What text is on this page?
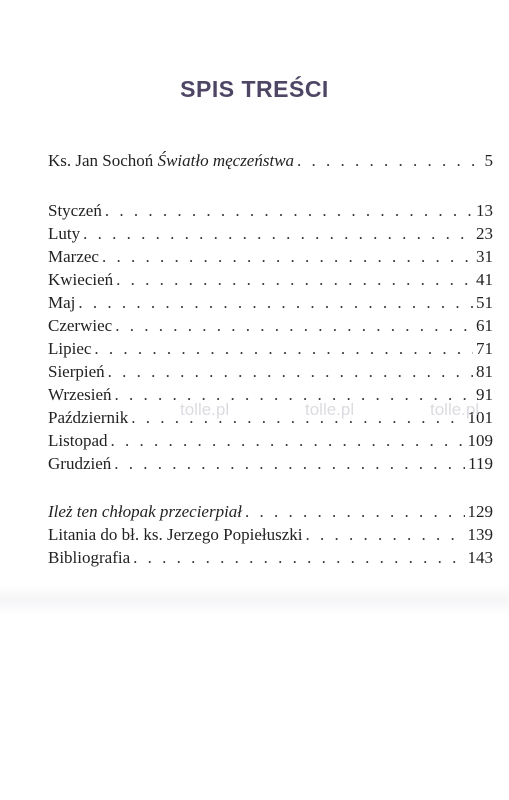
SPIS TREŚCI
Ks. Jan Sochoń Światło męczeństwa . . .	5
Styczeń . . .	13
Luty . . .	23
Marzec . . .	31
Kwiecień . . .	41
Maj . . .	51
Czerwiec . . .	61
Lipiec . . .	71
Sierpień . . .	81
Wrzesień . . .	91
Październik . . .	101
Listopad . . .	109
Grudzień . . .	119
Ileż ten chłopak przecierpiał . . .	129
Litania do bł. ks. Jerzego Popiełuszki . . .	139
Bibliografia . . .	143
tolle.pl	tolle.pl	tolle.pl
